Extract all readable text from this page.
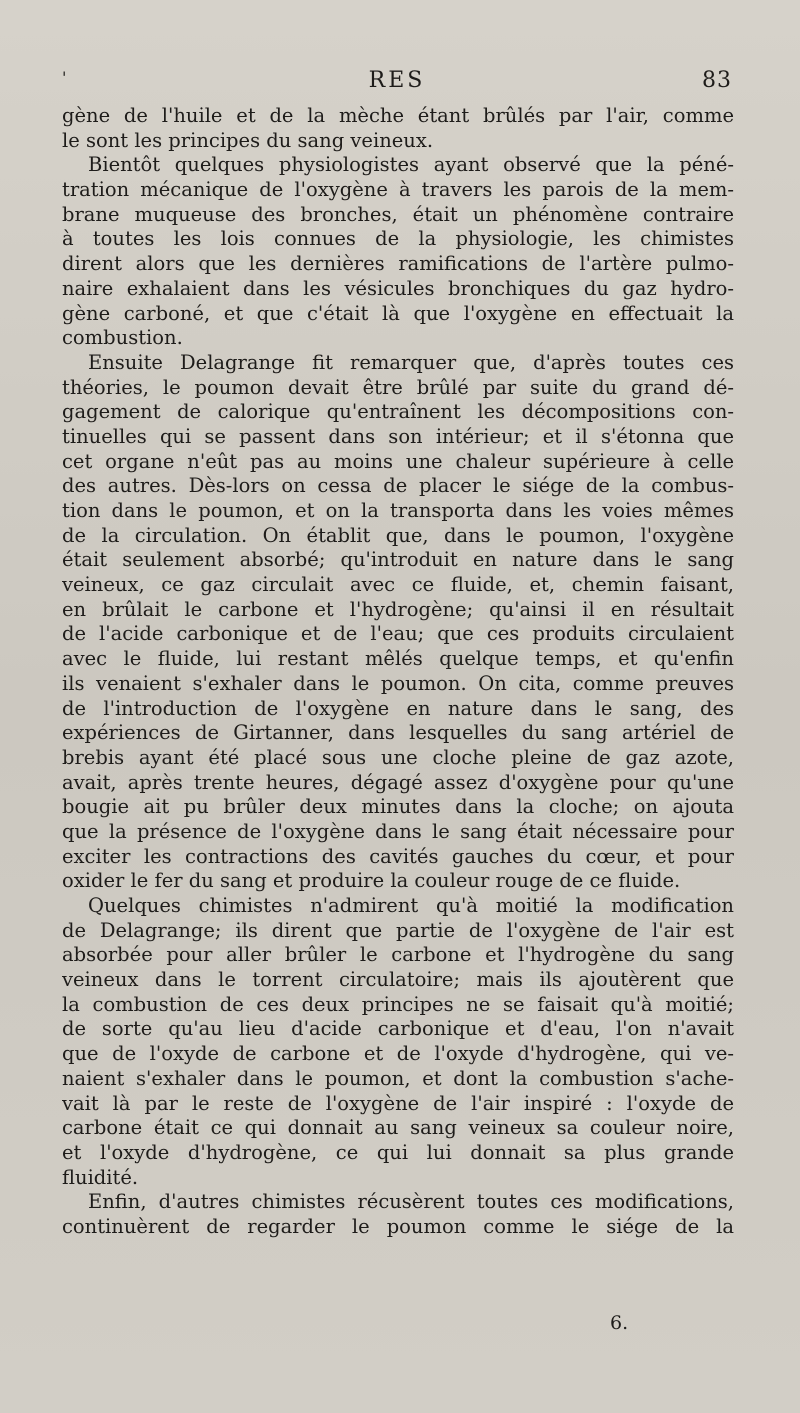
'	RES	83
gène de l'huile et de la mèche étant brûlés par l'air, comme
le sont les principes du sang veineux.
Bientôt quelques physiologistes ayant observé que la péné-
tration mécanique de l'oxygène à travers les parois de la mem-
brane muqueuse des bronches, était un phénomène contraire
à toutes les lois connues de la physiologie, les chimistes
dirent alors que les dernières ramifications de l'artère pulmo-
naire exhalaient dans les vésicules bronchiques du gaz hydro-
gène carboné, et que c'était là que l'oxygène en effectuait la
combustion.
Ensuite Delagrange fit remarquer que, d'après toutes ces
théories, le poumon devait être brûlé par suite du grand dé-
gagement de calorique qu'entraînent les décompositions con-
tinuelles qui se passent dans son intérieur; et il s'étonna que
cet organe n'eût pas au moins une chaleur supérieure à celle
des autres. Dès-lors on cessa de placer le siége de la combus-
tion dans le poumon, et on la transporta dans les voies mêmes
de la circulation. On établit que, dans le poumon, l'oxygène
était seulement absorbé; qu'introduit en nature dans le sang
veineux, ce gaz circulait avec ce fluide, et, chemin faisant,
en brûlait le carbone et l'hydrogène; qu'ainsi il en résultait
de l'acide carbonique et de l'eau; que ces produits circulaient
avec le fluide, lui restant mêlés quelque temps, et qu'enfin
ils venaient s'exhaler dans le poumon. On cita, comme preuves
de l'introduction de l'oxygène en nature dans le sang, des
expériences de Girtanner, dans lesquelles du sang artériel de
brebis ayant été placé sous une cloche pleine de gaz azote,
avait, après trente heures, dégagé assez d'oxygène pour qu'une
bougie ait pu brûler deux minutes dans la cloche; on ajouta
que la présence de l'oxygène dans le sang était nécessaire pour
exciter les contractions des cavités gauches du cœur, et pour
oxider le fer du sang et produire la couleur rouge de ce fluide.
Quelques chimistes n'admirent qu'à moitié la modification
de Delagrange; ils dirent que partie de l'oxygène de l'air est
absorbée pour aller brûler le carbone et l'hydrogène du sang
veineux dans le torrent circulatoire; mais ils ajoutèrent que
la combustion de ces deux principes ne se faisait qu'à moitié;
de sorte qu'au lieu d'acide carbonique et d'eau, l'on n'avait
que de l'oxyde de carbone et de l'oxyde d'hydrogène, qui ve-
naient s'exhaler dans le poumon, et dont la combustion s'ache-
vait là par le reste de l'oxygène de l'air inspiré : l'oxyde de
carbone était ce qui donnait au sang veineux sa couleur noire,
et l'oxyde d'hydrogène, ce qui lui donnait sa plus grande
fluidité.
Enfin, d'autres chimistes récusèrent toutes ces modifications,
continuèrent de regarder le poumon comme le siége de la
6.
